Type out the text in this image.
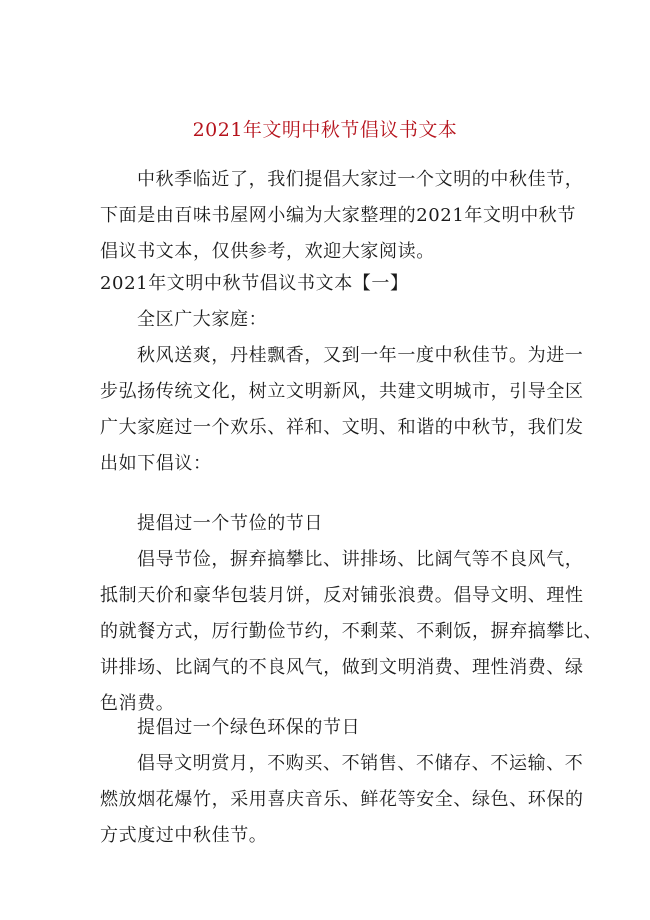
2021年文明中秋节倡议书文本
中秋季临近了，我们提倡大家过一个文明的中秋佳节，
下面是由百味书屋网小编为大家整理的2021年文明中秋节
倡议书文本，仅供参考，欢迎大家阅读。
2021年文明中秋节倡议书文本【一】
全区广大家庭：
秋风送爽，丹桂飘香，又到一年一度中秋佳节。为进一
步弘扬传统文化，树立文明新风，共建文明城市，引导全区
广大家庭过一个欢乐、祥和、文明、和谐的中秋节，我们发
出如下倡议：
提倡过一个节俭的节日
倡导节俭，摒弃搞攀比、讲排场、比阔气等不良风气，
抵制天价和豪华包装月饼，反对铺张浪费。倡导文明、理性
的就餐方式，厉行勤俭节约，不剩菜、不剩饭，摒弃搞攀比、
讲排场、比阔气的不良风气，做到文明消费、理性消费、绿
色消费。
提倡过一个绿色环保的节日
倡导文明赏月，不购买、不销售、不储存、不运输、不
燃放烟花爆竹，采用喜庆音乐、鲜花等安全、绿色、环保的
方式度过中秋佳节。
